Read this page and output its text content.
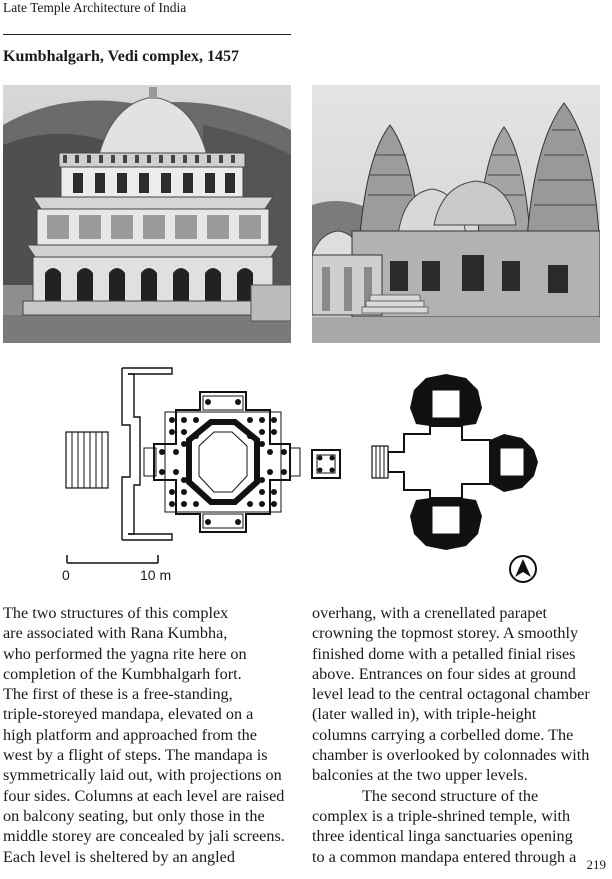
Late Temple Architecture of India
Kumbhalgarh, Vedi complex, 1457
0	10 m

The two structures of this complex

are associated with Rana Kumbha,

who performed the yagna rite here on

completion of the Kumbhalgarh fort.

The first of these is a free-standing,

triple-storeyed mandapa, elevated on a

high platform and approached from the

west by a flight of steps. The mandapa is

symmetrically laid out, with projections on

four sides. Columns at each level are raised

on balcony seating, but only those in the

middle storey are concealed by jali screens.

Each level is sheltered by an angled

overhang, with a crenellated parapet

crowning the topmost storey. A smoothly

finished dome with a petalled finial rises

above. Entrances on four sides at ground

level lead to the central octagonal chamber

(later walled in), with triple-height

columns carrying a corbelled dome. The

chamber is overlooked by colonnades with

balconies at the two upper levels.

The second structure of the

complex is a triple-shrined temple, with

three identical linga sanctuaries opening

to a common mandapa entered through a 219
